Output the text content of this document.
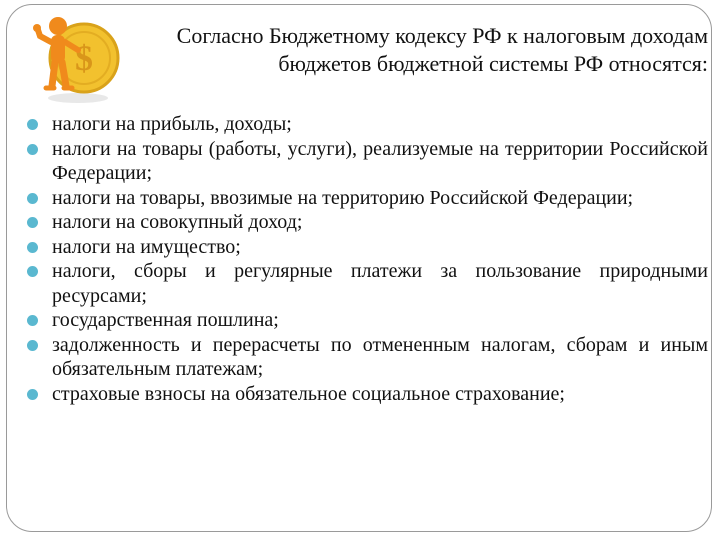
$
Согласно Бюджетному кодексу РФ к налоговым доходам
бюджетов бюджетной системы РФ относятся:
налоги на прибыль, доходы;
налоги на товары (работы, услуги), реализуемые на территории Российской Федерации;
налоги на товары, ввозимые на территорию Российской Федерации;
налоги на совокупный доход;
налоги на имущество;
налоги, сборы и регулярные платежи за пользование природными ресурсами;
государственная пошлина;
задолженность и перерасчеты по отмененным налогам, сборам и иным обязательным платежам;
страховые взносы на обязательное социальное страхование;
